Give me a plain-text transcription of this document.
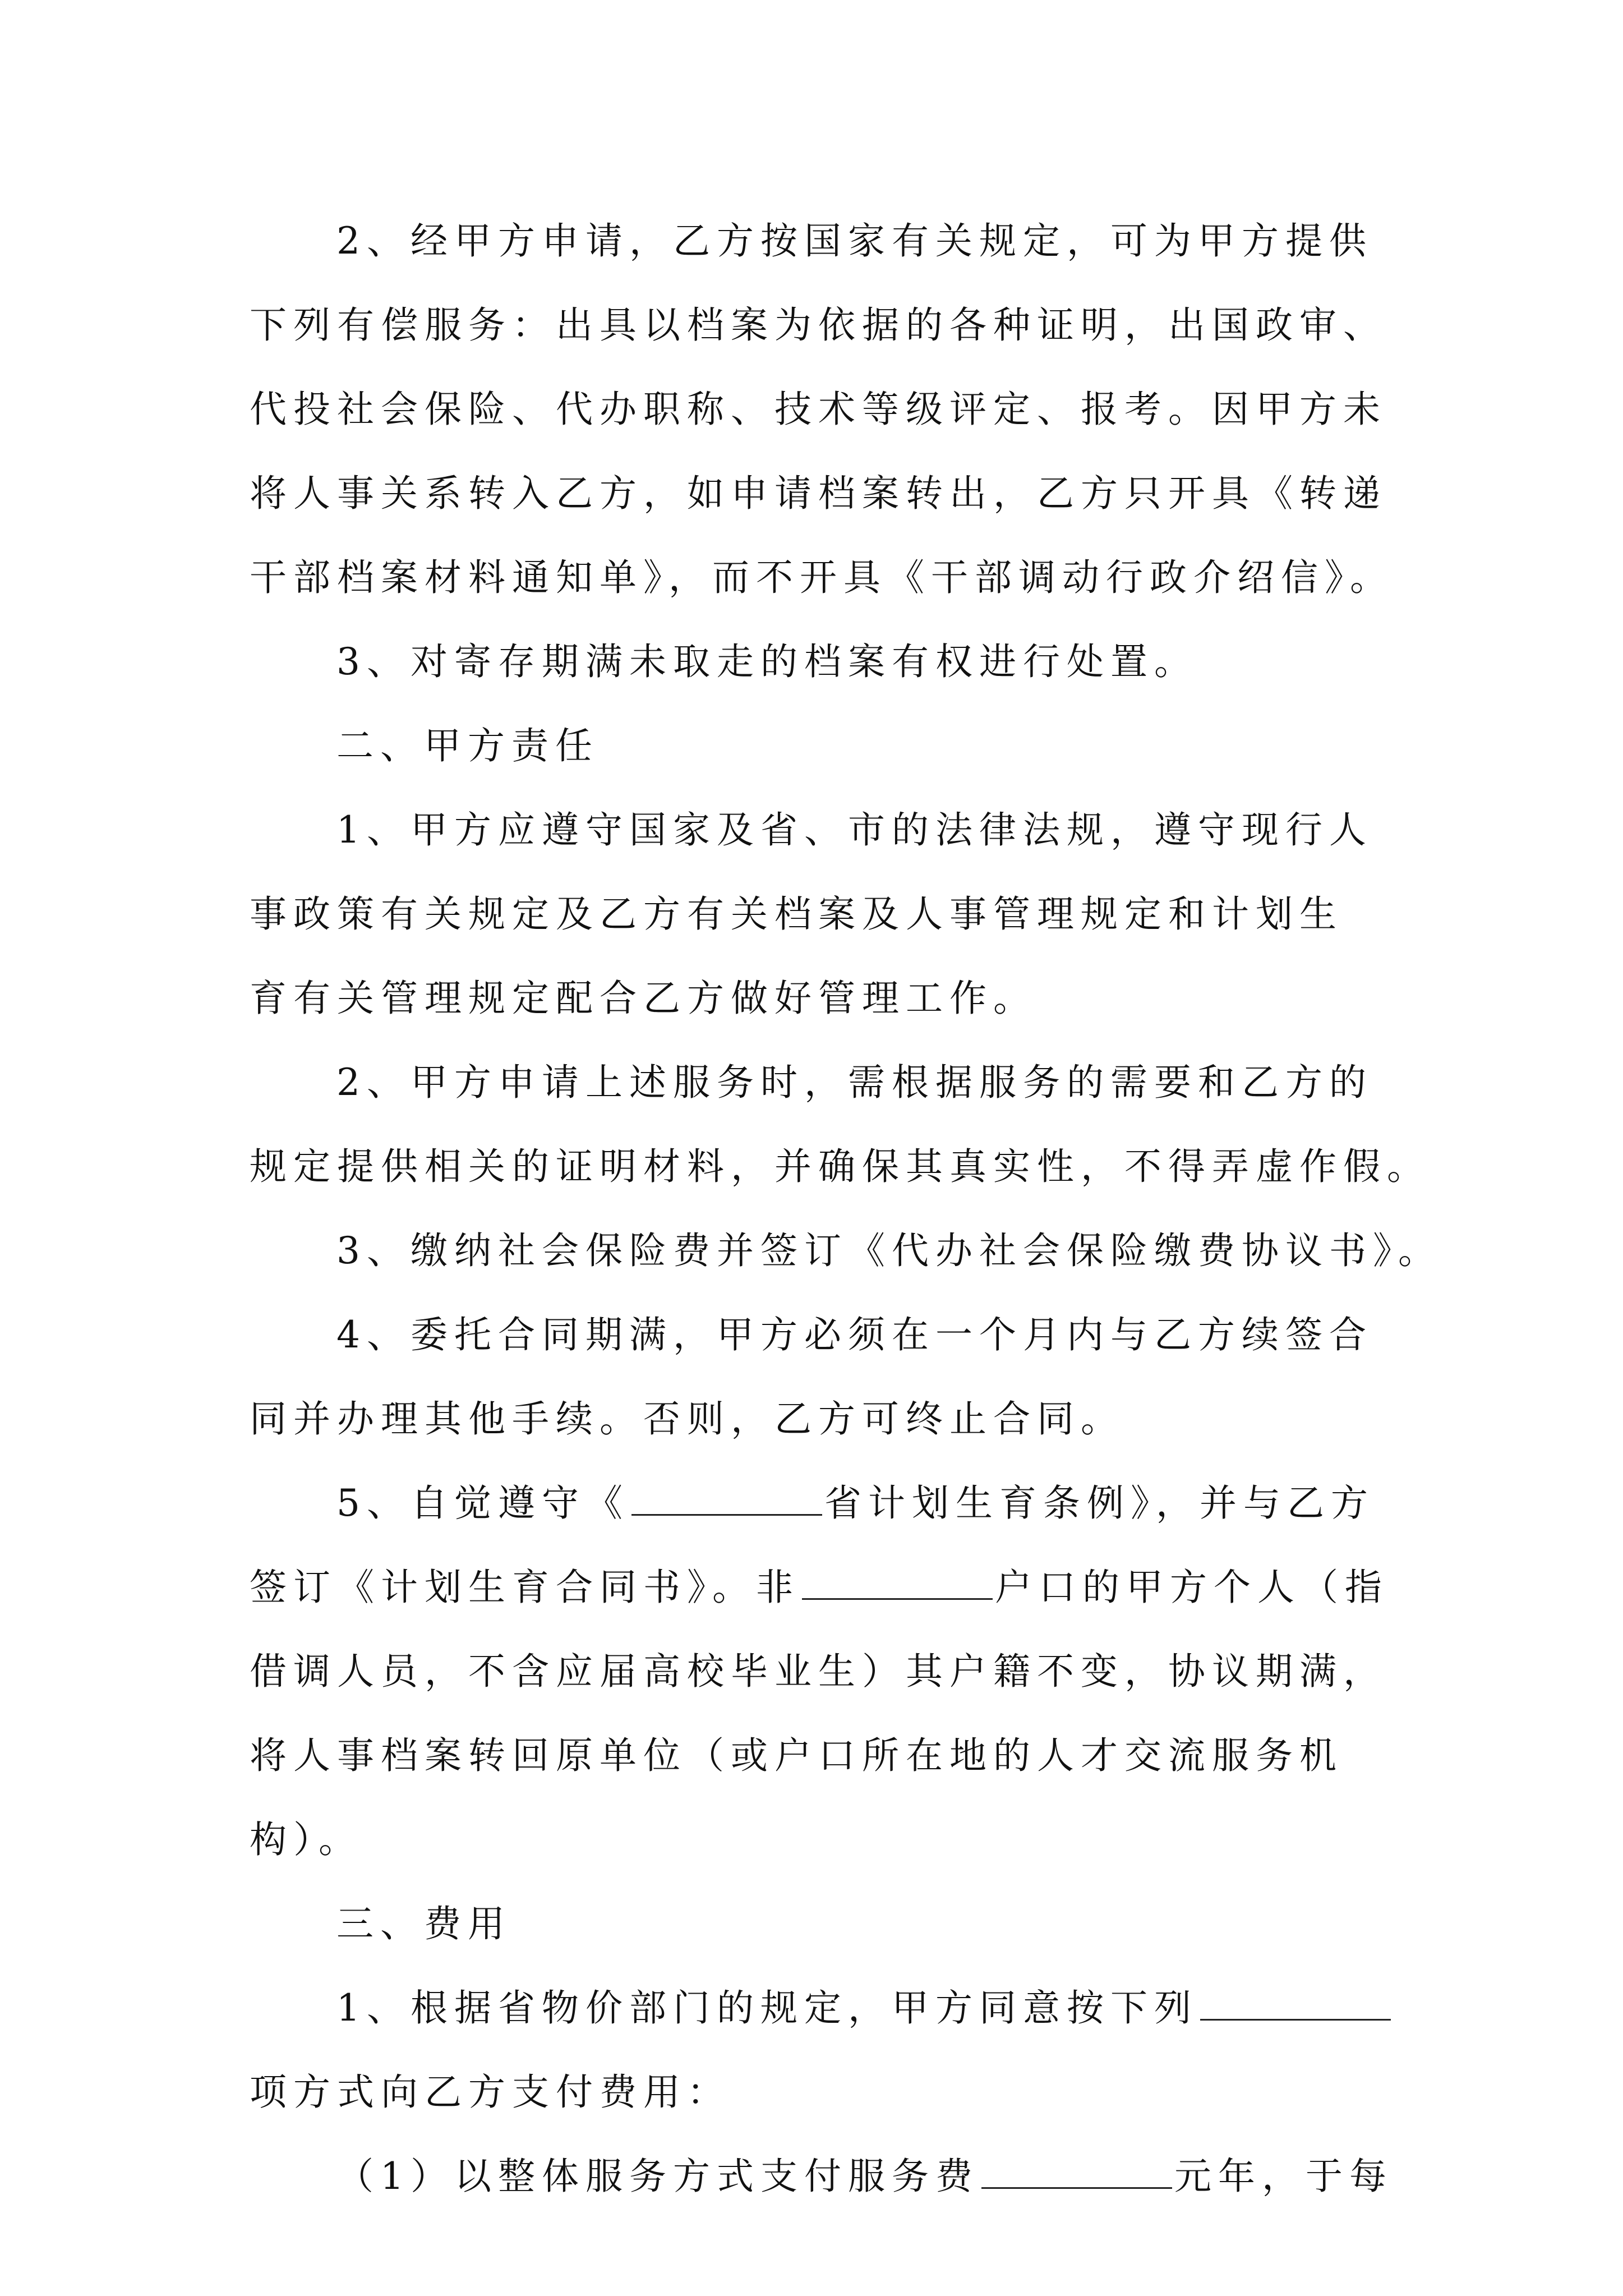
2、经甲方申请，乙方按国家有关规定，可为甲方提供
下列有偿服务：出具以档案为依据的各种证明，出国政审、
代投社会保险、代办职称、技术等级评定、报考。因甲方未
将人事关系转入乙方，如申请档案转出，乙方只开具《转递
干部档案材料通知单》，而不开具《干部调动行政介绍信》。
3、对寄存期满未取走的档案有权进行处置。
二、甲方责任
1、甲方应遵守国家及省、市的法律法规，遵守现行人
事政策有关规定及乙方有关档案及人事管理规定和计划生
育有关管理规定配合乙方做好管理工作。
2、甲方申请上述服务时，需根据服务的需要和乙方的
规定提供相关的证明材料，并确保其真实性，不得弄虚作假。
3、缴纳社会保险费并签订《代办社会保险缴费协议书》。
4、委托合同期满，甲方必须在一个月内与乙方续签合
同并办理其他手续。否则，乙方可终止合同。
5、自觉遵守《	省计划生育条例》，并与乙方
签订《计划生育合同书》。非	户口的甲方个人（指
借调人员，不含应届高校毕业生）其户籍不变，协议期满，
将人事档案转回原单位（或户口所在地的人才交流服务机
构）。
三、费用
1、根据省物价部门的规定，甲方同意按下列
项方式向乙方支付费用：
（1）以整体服务方式支付服务费	元年，于每
